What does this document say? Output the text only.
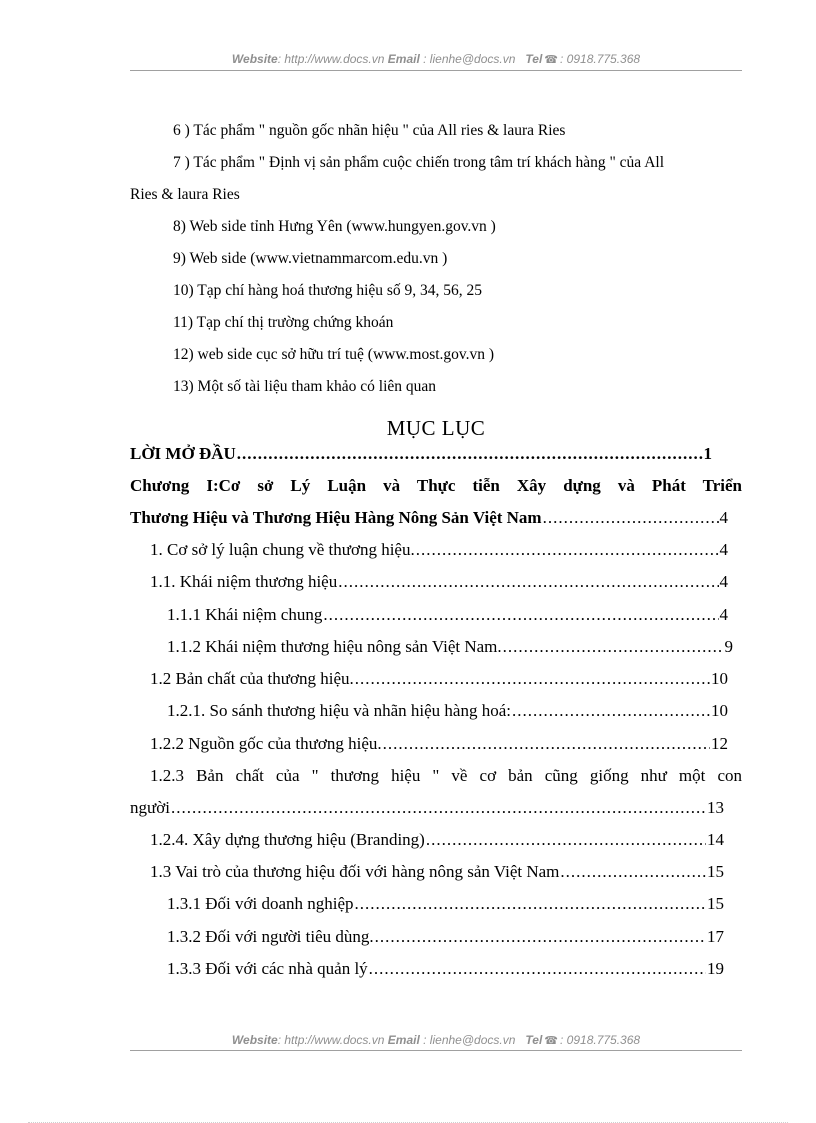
Website: http://www.docs.vn Email : lienhe@docs.vn Tel ☎ : 0918.775.368
6 ) Tác phẩm " nguồn gốc nhãn hiệu " của All ries & laura Ries
7 ) Tác phẩm " Định vị sản phẩm cuộc chiến trong tâm trí khách hàng " của All
Ries & laura Ries
8) Web side tỉnh Hưng Yên (www.hungyen.gov.vn )
9) Web side (www.vietnammarcom.edu.vn )
10) Tạp chí hàng hoá thương hiệu số 9, 34, 56, 25
11) Tạp chí thị trường chứng khoán
12) web side cục sở hữu trí tuệ (www.most.gov.vn )
13) Một số tài liệu tham khảo có liên quan
MỤC LỤC
LỜI MỞ ĐẦU .....	1
Chương I:Cơ sở Lý Luận và Thực tiễn Xây dựng và Phát Triển
Thương Hiệu và Thương Hiệu Hàng Nông Sản Việt Nam .....	4
1. Cơ sở lý luận chung về thương hiệu. .....	4
1.1. Khái niệm thương hiệu .....	4
1.1.1 Khái niệm chung .....	4
1.1.2 Khái niệm thương hiệu nông sản Việt Nam. .....	9
1.2 Bản chất của thương hiệu. .....	10
1.2.1. So sánh thương hiệu và nhãn hiệu hàng hoá: .....	10
1.2.2 Nguồn gốc của thương hiệu. .....	12
1.2.3 Bản chất của " thương hiệu " về cơ bản cũng giống như một con
người .....	13
1.2.4. Xây dựng thương hiệu (Branding) .....	14
1.3 Vai trò của thương hiệu đối với hàng nông sản Việt Nam .....	15
1.3.1 Đối với doanh nghiệp .....	15
1.3.2 Đối với người tiêu dùng. .....	17
1.3.3 Đối với các nhà quản lý .....	19
Website: http://www.docs.vn Email : lienhe@docs.vn Tel ☎ : 0918.775.368
